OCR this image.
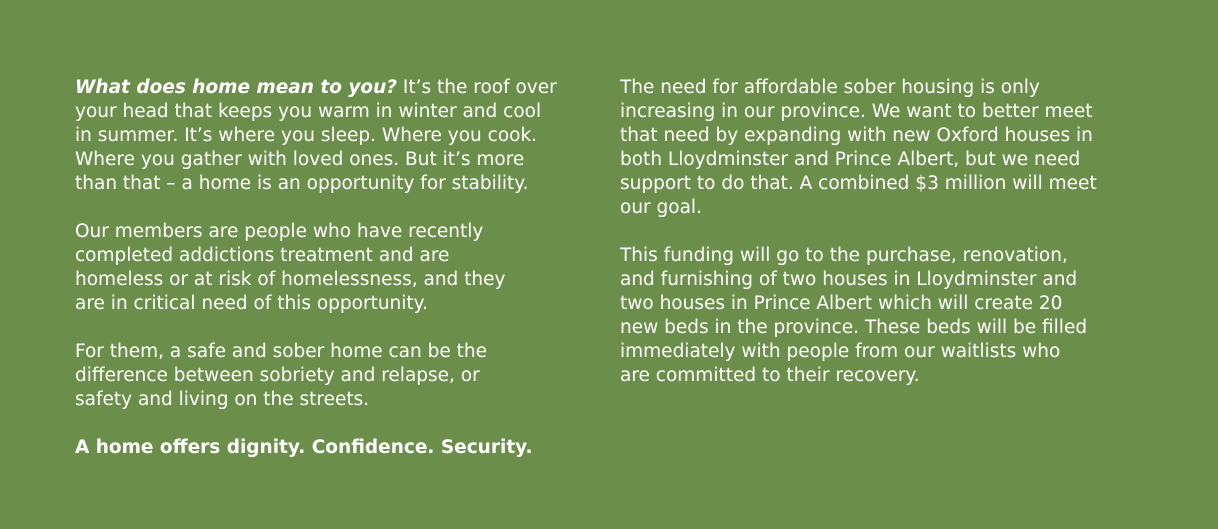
What does home mean to you? It’s the roof over
your head that keeps you warm in winter and cool
in summer. It’s where you sleep. Where you cook.
Where you gather with loved ones. But it’s more
than that – a home is an opportunity for stability.

Our members are people who have recently
completed addictions treatment and are
homeless or at risk of homelessness, and they
are in critical need of this opportunity.

For them, a safe and sober home can be the
difference between sobriety and relapse, or
safety and living on the streets.

A home offers dignity. Confidence. Security.

The need for affordable sober housing is only
increasing in our province. We want to better meet
that need by expanding with new Oxford houses in
both Lloydminster and Prince Albert, but we need
support to do that. A combined $3 million will meet
our goal.

This funding will go to the purchase, renovation,
and furnishing of two houses in Lloydminster and
two houses in Prince Albert which will create 20
new beds in the province. These beds will be filled
immediately with people from our waitlists who
are committed to their recovery.
